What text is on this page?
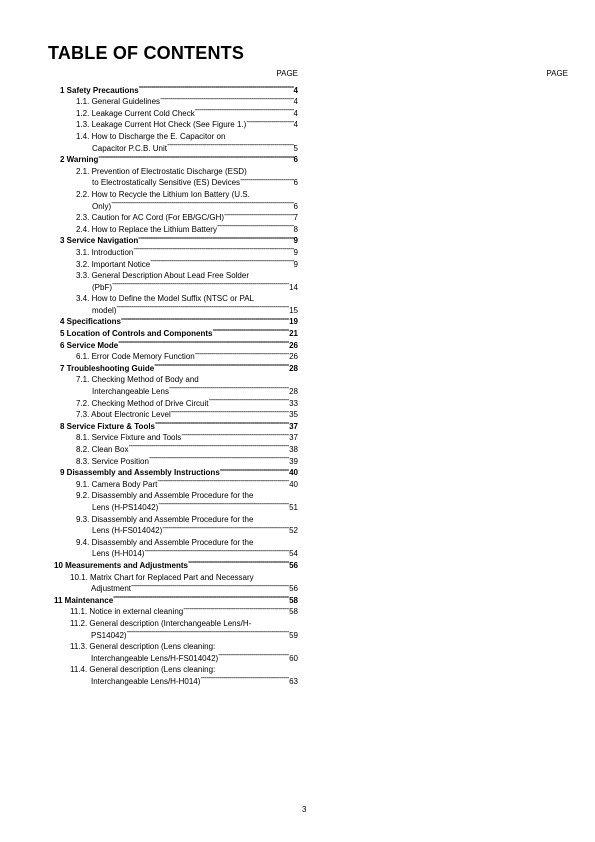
TABLE OF CONTENTS
PAGE	PAGE
1 Safety Precautions -----	4
1.1. General Guidelines -----	4
1.2. Leakage Current Cold Check -----	4
1.3. Leakage Current Hot Check (See Figure 1.) -----	4
1.4. How to Discharge the E. Capacitor on
Capacitor P.C.B. Unit -----	5
2 Warning -----	6
2.1. Prevention of Electrostatic Discharge (ESD)
to Electrostatically Sensitive (ES) Devices -----	6
2.2. How to Recycle the Lithium Ion Battery (U.S.
Only) -----	6
2.3. Caution for AC Cord (For EB/GC/GH) -----	7
2.4. How to Replace the Lithium Battery -----	8
3 Service Navigation -----	9
3.1. Introduction -----	9
3.2. Important Notice -----	9
3.3. General Description About Lead Free Solder
(PbF) -----	14
3.4. How to Define the Model Suffix (NTSC or PAL
model) -----	15
4 Specifications -----	19
5 Location of Controls and Components -----	21
6 Service Mode -----	26
6.1. Error Code Memory Function -----	26
7 Troubleshooting Guide -----	28
7.1. Checking Method of Body and
Interchangeable Lens -----	28
7.2. Checking Method of Drive Circuit -----	33
7.3. About Electronic Level -----	35
8 Service Fixture & Tools -----	37
8.1. Service Fixture and Tools -----	37
8.2. Clean Box -----	38
8.3. Service Position -----	39
9 Disassembly and Assembly Instructions -----	40
9.1. Camera Body Part -----	40
9.2. Disassembly and Assemble Procedure for the
Lens (H-PS14042) -----	51
9.3. Disassembly and Assemble Procedure for the
Lens (H-FS014042) -----	52
9.4. Disassembly and Assemble Procedure for the
Lens (H-H014) -----	54
10 Measurements and Adjustments -----	56
10.1. Matrix Chart for Replaced Part and Necessary
Adjustment -----	56
11 Maintenance -----	58
11.1. Notice in external cleaning -----	58
11.2. General description (Interchangeable Lens/H-
PS14042) -----	59
11.3. General description (Lens cleaning:
Interchangeable Lens/H-FS014042) -----	60
11.4. General description (Lens cleaning:
Interchangeable Lens/H-H014) -----	63
3
